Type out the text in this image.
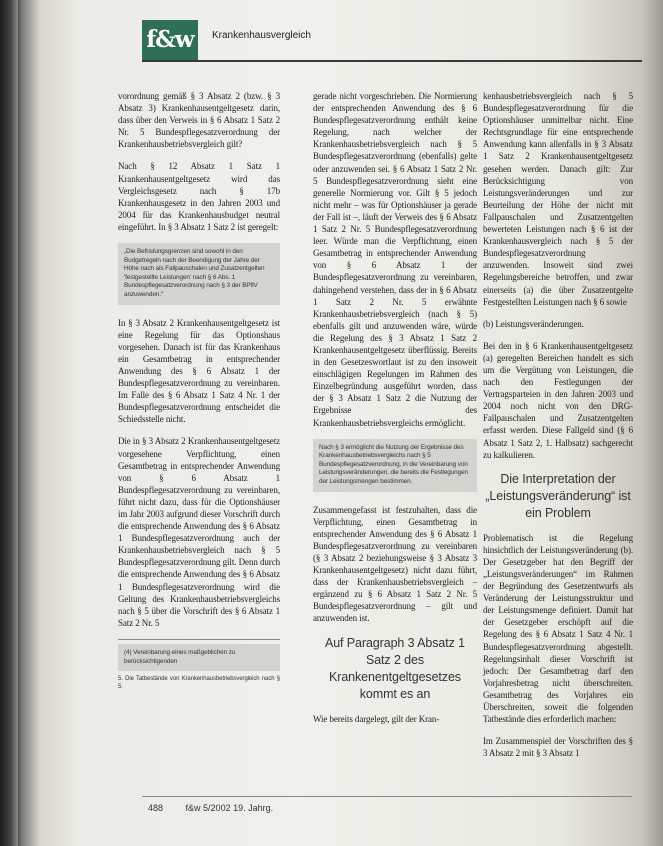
f&w	Krankenhausvergleich

vorordnung gemäß § 3 Absatz 2 (bzw. § 3 Absatz 3) Krankenhausentgeltgesetz darin, dass über den Verweis in § 6 Absatz 1 Satz 2 Nr. 5 Bundespflegesatzverordnung der Krankenhausbetriebsvergleich gilt?

Nach § 12 Absatz 1 Satz 1 Krankenhausentgeltgesetz wird das Vergleichsgesetz nach § 17b Krankenhausgesetz in den Jahren 2003 und 2004 für das Krankenhausbudget neutral eingeführt. In § 3 Absatz 1 Satz 2 ist geregelt:

„Die Befristungsgrenzen sind sowohl in den Budgetregeln nach der Beendigung der Jahre der Höhe nach als Fallpauschalen und Zusatzentgelten 'festgestellte Leistungen' nach § 6 Abs. 1 Bundespflegesatzverordnung nach § 3 der BPflV anzuwenden.“

In § 3 Absatz 2 Krankenhausentgeltgesetz ist eine Regelung für das Optionshaus vorgesehen. Danach ist für das Krankenhaus ein Gesamtbetrag in entsprechender Anwendung des § 6 Absatz 1 der Bundespflegesatzverordnung zu vereinbaren. Im Falle des § 6 Absatz 1 Satz 4 Nr. 1 der Bundespflegesatzverordnung entscheidet die Schiedsstelle nicht.

Die in § 3 Absatz 2 Krankenhausentgeltgesetz vorgesehene Verpflichtung, einen Gesamtbetrag in entsprechender Anwendung von § 6 Absatz 1 Bundespflegesatzverordnung zu vereinbaren, führt nicht dazu, dass für die Optionshäuser im Jahr 2003 aufgrund dieser Vorschrift durch die entsprechende Anwendung des § 6 Absatz 1 Bundespflegesatzverordnung auch der Krankenhausbetriebsvergleich nach § 5 Bundespflegesatzverordnung gilt. Denn durch die entsprechende Anwendung des § 6 Absatz 1 Bundespflegesatzverordnung wird die Geltung des Krankenhausbetriebsvergleichs nach § 5 über die Vorschrift des § 6 Absatz 1 Satz 2 Nr. 5

(4) Vereinbarung eines maßgeblichen zu berücksichtigenden
5. Die Tatbestände von Krankenhausbetriebsvergleich nach § 5.

gerade nicht vorgeschrieben. Die Normierung der entsprechenden Anwendung des § 6 Bundespflegesatzverordnung enthält keine Regelung, nach welcher der Krankenhausbetriebsvergleich nach § 5 Bundespflegesatzverordnung (ebenfalls) gelte oder anzuwenden sei. § 6 Absatz 1 Satz 2 Nr. 5 Bundespflegesatzverordnung sieht eine generelle Normierung vor. Gilt § 5 jedoch nicht mehr – was für Optionshäuser ja gerade der Fall ist –, läuft der Verweis des § 6 Absatz 1 Satz 2 Nr. 5 Bundespflegesatzverordnung leer. Würde man die Verpflichtung, einen Gesamtbetrag in entsprechender Anwendung von § 6 Absatz 1 der Bundespflegesatzverordnung zu vereinbaren, dahingehend verstehen, dass der in § 6 Absatz 1 Satz 2 Nr. 5 erwähnte Krankenhausbetriebsvergleich (nach § 5) ebenfalls gilt und anzuwenden wäre, würde die Regelung des § 3 Absatz 1 Satz 2 Krankenhausentgeltgesetz überflüssig. Bereits in den Gesetzeswortlaut ist zu den insoweit einschlägigen Regelungen im Rahmen des Einzelbegründung ausgeführt worden, dass der § 3 Absatz 1 Satz 2 die Nutzung der Ergebnisse des Krankenhausbetriebsvergleichs ermöglicht.

Nach § 3 ermöglicht die Nutzung der Ergebnisse des Krankenhausbetriebsvergleichs nach § 5 Bundespflegesatzverordnung, in die Vereinbarung von Leistungsveränderungen, die bereits die Festlegungen der Leistungsmengen bestimmen.

Zusammengefasst ist festzuhalten, dass die Verpflichtung, einen Gesamtbetrag in entsprechender Anwendung des § 6 Absatz 1 Bundespflegesatzverordnung zu vereinbaren (§ 3 Absatz 2 beziehungsweise § 3 Absatz 3 Krankenhausentgeltgesetz) nicht dazu führt, dass der Krankenhausbetriebsvergleich – ergänzend zu § 6 Absatz 1 Satz 2 Nr. 5 Bundespflegesatzverordnung – gilt und anzuwenden ist.

Auf Paragraph 3 Absatz 1 Satz 2 des Krankenentgeltgesetzes kommt es an

Wie bereits dargelegt, gilt der Kran-

kenhausbetriebsvergleich nach § 5 Bundespflegesatzverordnung für die Optionshäuser unmittelbar nicht. Eine Rechtsgrundlage für eine entsprechende Anwendung kann allenfalls in § 3 Absatz 1 Satz 2 Krankenhausentgeltgesetz gesehen werden. Danach gilt: Zur Berücksichtigung von Leistungsveränderungen und zur Beurteilung der Höhe der nicht mit Fallpauschalen und Zusatzentgelten bewerteten Leistungen nach § 6 ist der Krankenhausvergleich nach § 5 der Bundespflegesatzverordnung anzuwenden. Insoweit sind zwei Regelungsbereiche betroffen, und zwar einerseits (a) die über Zusatzentgelte Festgestellten Leistungen nach § 6 sowie

(b) Leistungsveränderungen.

Bei den in § 6 Krankenhausentgeltgesetz (a) geregelten Bereichen handelt es sich um die Vergütung von Leistungen, die nach den Festlegungen der Vertragsparteien in den Jahren 2003 und 2004 noch nicht von den DRG-Fallpauschalen und Zusatzentgelten erfasst werden. Diese Fallgeld sind (§ 6 Absatz 1 Satz 2, 1. Halbsatz) sachgerecht zu kalkulieren.

Die Interpretation der „Leistungsveränderung“ ist ein Problem

Problematisch ist die Regelung hinsichtlich der Leistungsveränderung (b). Der Gesetzgeber hat den Begriff der „Leistungsveränderungen“ im Rahmen der Begründung des Gesetzentwurfs als Veränderung der Leistungsstruktur und der Leistungsmenge definiert. Damit hat der Gesetzgeber erschöpft auf die Regelung des § 6 Absatz 1 Satz 4 Nr. 1 Bundespflegesatzverordnung abgestellt. Regelungsinhalt dieser Vorschrift ist jedoch: Der Gesamtbetrag darf den Vorjahresbetrag nicht überschreiten. Gesamtbetrag des Vorjahres ein Überschreiten, soweit die folgenden Tatbestände dies erforderlich machen:

Im Zusammenspiel der Vorschriften des § 3 Absatz 2 mit § 3 Absatz 1

488	f&w 5/2002 19. Jahrg.
